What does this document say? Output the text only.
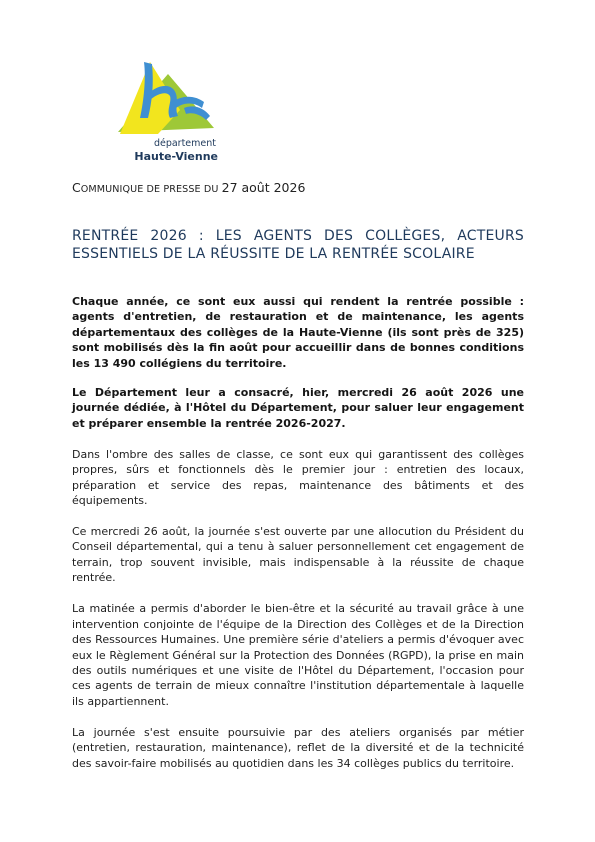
département
Haute-Vienne
COMMUNIQUE DE PRESSE DU 27 août 2026
RENTRÉE 2026 : LES AGENTS DES COLLÈGES, ACTEURS ESSENTIELS DE LA RÉUSSITE DE LA RENTRÉE SCOLAIRE

Chaque année, ce sont eux aussi qui rendent la rentrée possible : agents d'entretien, de restauration et de maintenance, les agents départementaux des collèges de la Haute-Vienne (ils sont près de 325) sont mobilisés dès la fin août pour accueillir dans de bonnes conditions les 13 490 collégiens du territoire.

Le Département leur a consacré, hier, mercredi 26 août 2026 une journée dédiée, à l'Hôtel du Département, pour saluer leur engagement et préparer ensemble la rentrée 2026-2027.

Dans l'ombre des salles de classe, ce sont eux qui garantissent des collèges propres, sûrs et fonctionnels dès le premier jour : entretien des locaux, préparation et service des repas, maintenance des bâtiments et des équipements.

Ce mercredi 26 août, la journée s'est ouverte par une allocution du Président du Conseil départemental, qui a tenu à saluer personnellement cet engagement de terrain, trop souvent invisible, mais indispensable à la réussite de chaque rentrée.

La matinée a permis d'aborder le bien-être et la sécurité au travail grâce à une intervention conjointe de l'équipe de la Direction des Collèges et de la Direction des Ressources Humaines. Une première série d'ateliers a permis d'évoquer avec eux le Règlement Général sur la Protection des Données (RGPD), la prise en main des outils numériques et une visite de l'Hôtel du Département, l'occasion pour ces agents de terrain de mieux connaître l'institution départementale à laquelle ils appartiennent.

La journée s'est ensuite poursuivie par des ateliers organisés par métier (entretien, restauration, maintenance), reflet de la diversité et de la technicité des savoir-faire mobilisés au quotidien dans les 34 collèges publics du territoire.
